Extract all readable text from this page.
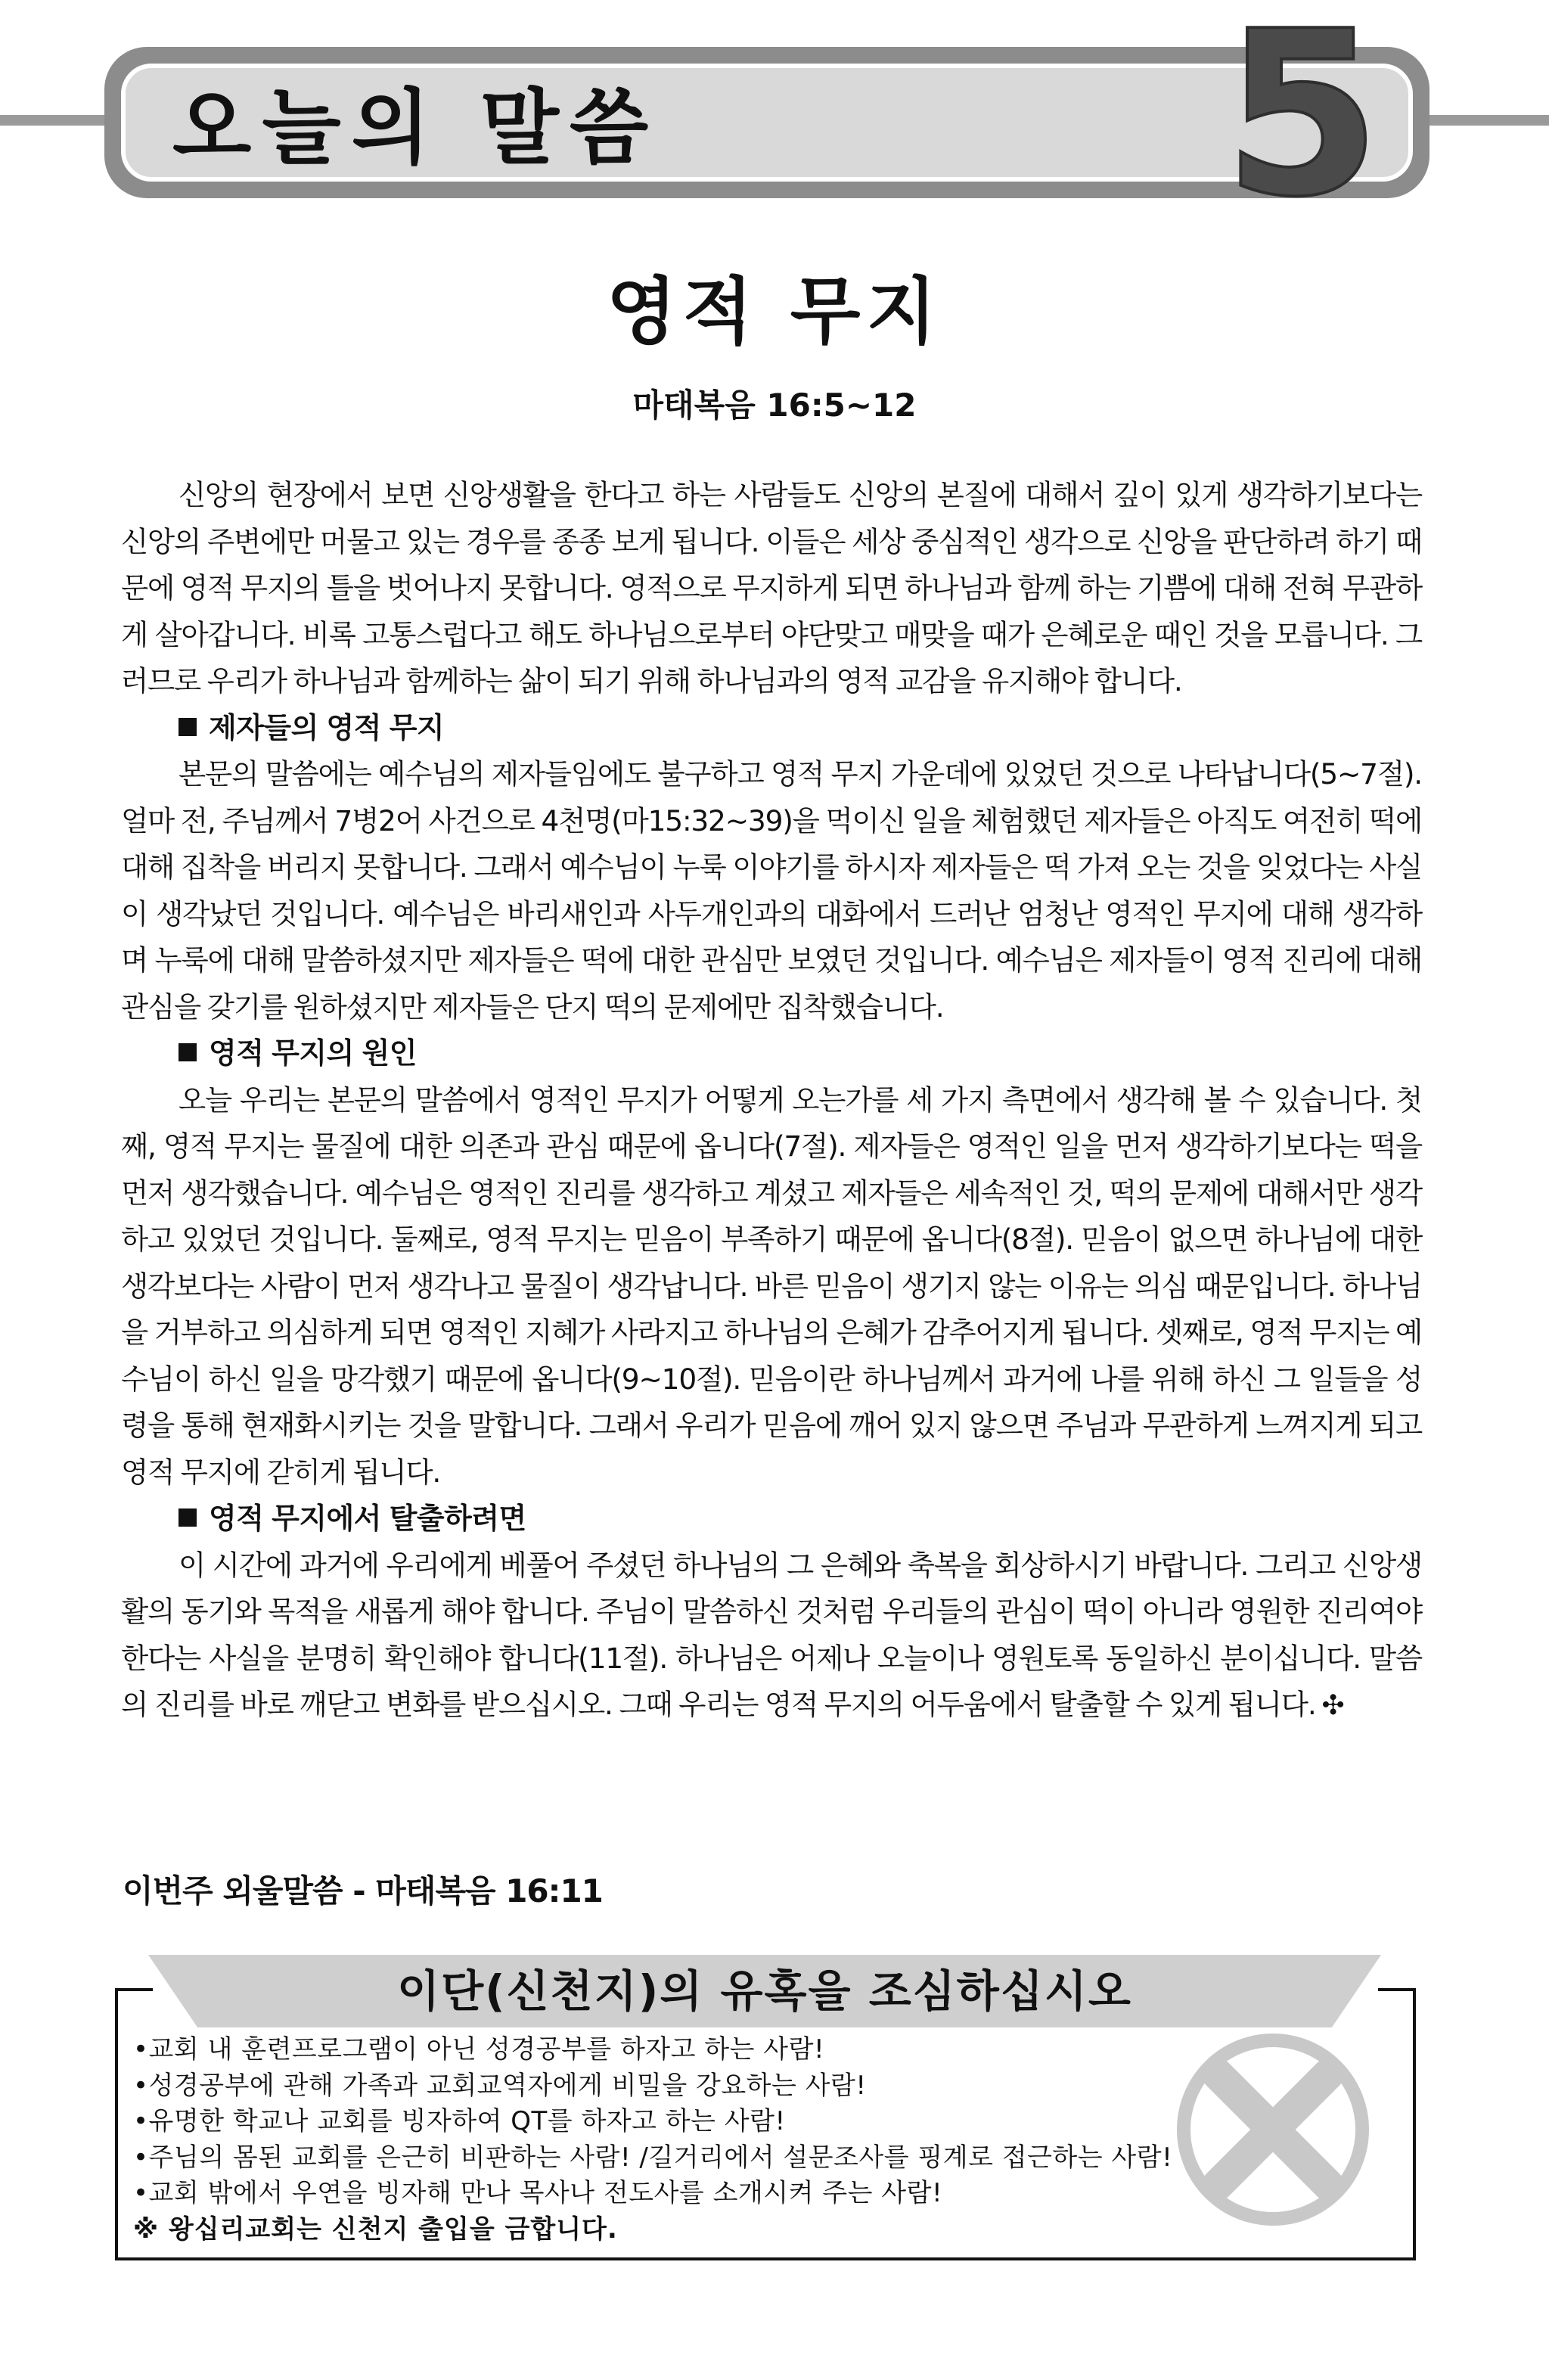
오늘의 말씀 5
영적 무지
마태복음 16:5~12

신앙의 현장에서 보면 신앙생활을 한다고 하는 사람들도 신앙의 본질에 대해서 깊이 있게 생각하기보다는 신앙의 주변에만 머물고 있는 경우를 종종 보게 됩니다. 이들은 세상 중심적인 생각으로 신앙을 판단하려 하기 때문에 영적 무지의 틀을 벗어나지 못합니다. 영적으로 무지하게 되면 하나님과 함께 하는 기쁨에 대해 전혀 무관하게 살아갑니다. 비록 고통스럽다고 해도 하나님으로부터 야단맞고 매맞을 때가 은혜로운 때인 것을 모릅니다. 그러므로 우리가 하나님과 함께하는 삶이 되기 위해 하나님과의 영적 교감을 유지해야 합니다.

제자들의 영적 무지

본문의 말씀에는 예수님의 제자들임에도 불구하고 영적 무지 가운데에 있었던 것으로 나타납니다(5~7절). 얼마 전, 주님께서 7병2어 사건으로 4천명(마15:32~39)을 먹이신 일을 체험했던 제자들은 아직도 여전히 떡에 대해 집착을 버리지 못합니다. 그래서 예수님이 누룩 이야기를 하시자 제자들은 떡 가져 오는 것을 잊었다는 사실이 생각났던 것입니다. 예수님은 바리새인과 사두개인과의 대화에서 드러난 엄청난 영적인 무지에 대해 생각하며 누룩에 대해 말씀하셨지만 제자들은 떡에 대한 관심만 보였던 것입니다. 예수님은 제자들이 영적 진리에 대해 관심을 갖기를 원하셨지만 제자들은 단지 떡의 문제에만 집착했습니다.

영적 무지의 원인

오늘 우리는 본문의 말씀에서 영적인 무지가 어떻게 오는가를 세 가지 측면에서 생각해 볼 수 있습니다. 첫째, 영적 무지는 물질에 대한 의존과 관심 때문에 옵니다(7절). 제자들은 영적인 일을 먼저 생각하기보다는 떡을 먼저 생각했습니다. 예수님은 영적인 진리를 생각하고 계셨고 제자들은 세속적인 것, 떡의 문제에 대해서만 생각하고 있었던 것입니다. 둘째로, 영적 무지는 믿음이 부족하기 때문에 옵니다(8절). 믿음이 없으면 하나님에 대한 생각보다는 사람이 먼저 생각나고 물질이 생각납니다. 바른 믿음이 생기지 않는 이유는 의심 때문입니다. 하나님을 거부하고 의심하게 되면 영적인 지혜가 사라지고 하나님의 은혜가 감추어지게 됩니다. 셋째로, 영적 무지는 예수님이 하신 일을 망각했기 때문에 옵니다(9~10절). 믿음이란 하나님께서 과거에 나를 위해 하신 그 일들을 성령을 통해 현재화시키는 것을 말합니다. 그래서 우리가 믿음에 깨어 있지 않으면 주님과 무관하게 느껴지게 되고 영적 무지에 갇히게 됩니다.

영적 무지에서 탈출하려면

이 시간에 과거에 우리에게 베풀어 주셨던 하나님의 그 은혜와 축복을 회상하시기 바랍니다. 그리고 신앙생활의 동기와 목적을 새롭게 해야 합니다. 주님이 말씀하신 것처럼 우리들의 관심이 떡이 아니라 영원한 진리여야 한다는 사실을 분명히 확인해야 합니다(11절). 하나님은 어제나 오늘이나 영원토록 동일하신 분이십니다. 말씀의 진리를 바로 깨닫고 변화를 받으십시오. 그때 우리는 영적 무지의 어두움에서 탈출할 수 있게 됩니다. ✣

이번주 외울말씀 - 마태복음 16:11
이단(신천지)의 유혹을 조심하십시오
•교회 내 훈련프로그램이 아닌 성경공부를 하자고 하는 사람!
•성경공부에 관해 가족과 교회교역자에게 비밀을 강요하는 사람!
•유명한 학교나 교회를 빙자하여 QT를 하자고 하는 사람!
•주님의 몸된 교회를 은근히 비판하는 사람! /길거리에서 설문조사를 핑계로 접근하는 사람!
•교회 밖에서 우연을 빙자해 만나 목사나 전도사를 소개시켜 주는 사람!
※ 왕십리교회는 신천지 출입을 금합니다.
